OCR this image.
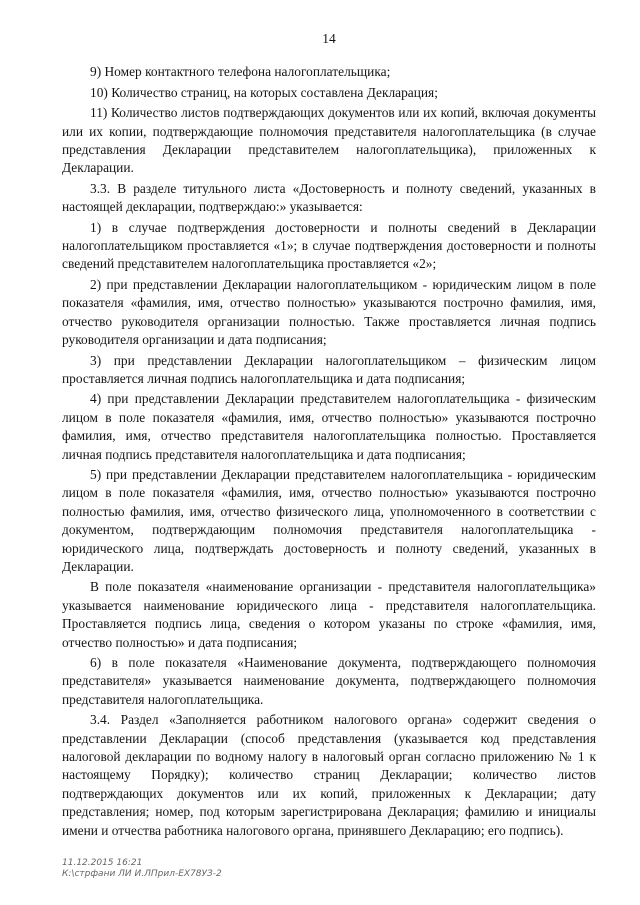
14

9) Номер контактного телефона налогоплательщика;

10) Количество страниц, на которых составлена Декларация;

11) Количество листов подтверждающих документов или их копий, включая документы или их копии, подтверждающие полномочия представителя налогоплательщика (в случае представления Декларации представителем налогоплательщика), приложенных к Декларации.

3.3. В разделе титульного листа «Достоверность и полноту сведений, указанных в настоящей декларации, подтверждаю:» указывается:

1) в случае подтверждения достоверности и полноты сведений в Декларации налогоплательщиком проставляется «1»; в случае подтверждения достоверности и полноты сведений представителем налогоплательщика проставляется «2»;

2) при представлении Декларации налогоплательщиком - юридическим лицом в поле показателя «фамилия, имя, отчество полностью» указываются построчно фамилия, имя, отчество руководителя организации полностью. Также проставляется личная подпись руководителя организации и дата подписания;

3) при представлении Декларации налогоплательщиком – физическим лицом проставляется личная подпись налогоплательщика и дата подписания;

4) при представлении Декларации представителем налогоплательщика - физическим лицом в поле показателя «фамилия, имя, отчество полностью» указываются построчно фамилия, имя, отчество представителя налогоплательщика полностью. Проставляется личная подпись представителя налогоплательщика и дата подписания;

5) при представлении Декларации представителем налогоплательщика - юридическим лицом в поле показателя «фамилия, имя, отчество полностью» указываются построчно полностью фамилия, имя, отчество физического лица, уполномоченного в соответствии с документом, подтверждающим полномочия представителя налогоплательщика - юридического лица, подтверждать достоверность и полноту сведений, указанных в Декларации.

В поле показателя «наименование организации - представителя налогоплательщика» указывается наименование юридического лица - представителя налогоплательщика. Проставляется подпись лица, сведения о котором указаны по строке «фамилия, имя, отчество полностью» и дата подписания;

6) в поле показателя «Наименование документа, подтверждающего полномочия представителя» указывается наименование документа, подтверждающего полномочия представителя налогоплательщика.

3.4. Раздел «Заполняется работником налогового органа» содержит сведения о представлении Декларации (способ представления (указывается код представления налоговой декларации по водному налогу в налоговый орган согласно приложению № 1 к настоящему Порядку); количество страниц Декларации; количество листов подтверждающих документов или их копий, приложенных к Декларации; дату представления; номер, под которым зарегистрирована Декларация; фамилию и инициалы имени и отчества работника налогового органа, принявшего Декларацию; его подпись).

11.12.2015 16:21
К:\стрфани ЛИ И.ЛПрил-ЕХ78УЗ-2
